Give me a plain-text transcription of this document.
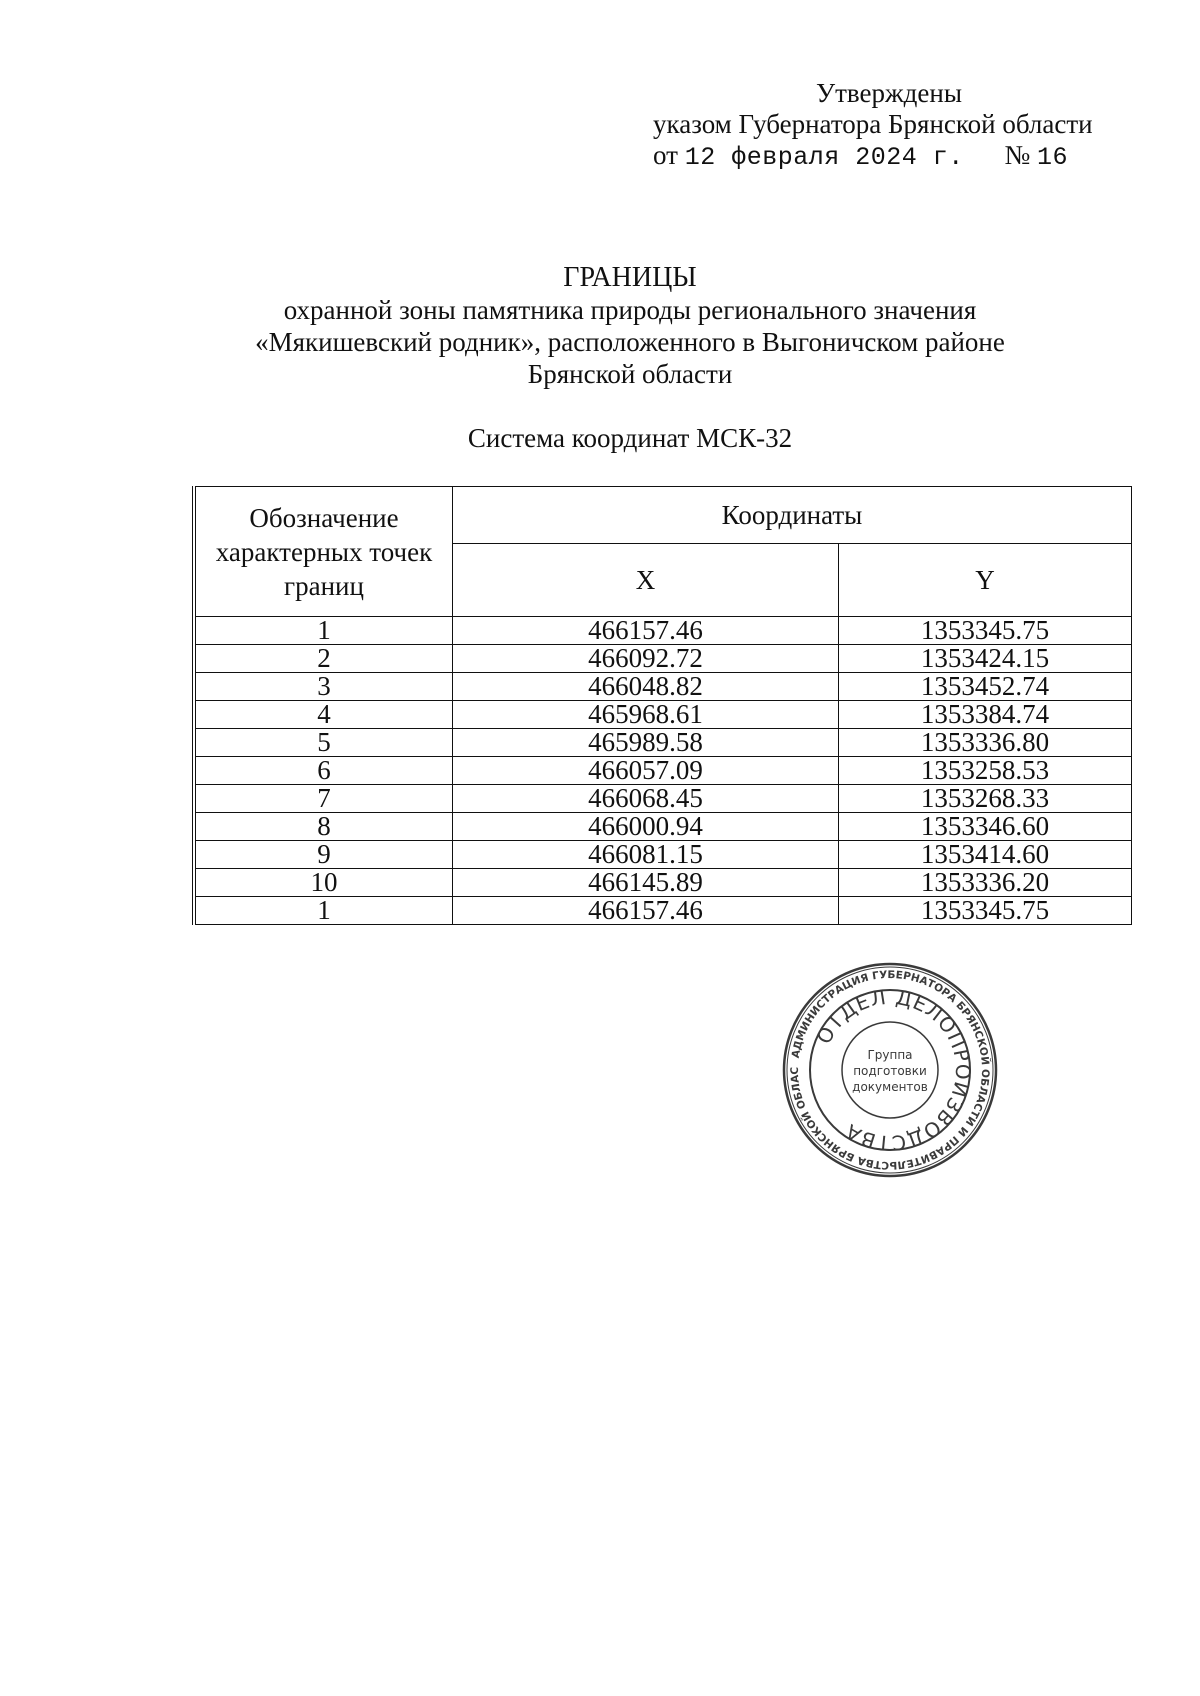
Утверждены
указом Губернатора Брянской области
от 12 февраля 2024 г. № 16
ГРАНИЦЫ
охранной зоны памятника природы регионального значения
«Мякишевский родник», расположенного в Выгоничском районе
Брянской области
Система координат МСК-32
Обозначение характерных точек границ	Координаты	
	X	Y
1	466157.46	1353345.75
2	466092.72	1353424.15
3	466048.82	1353452.74
4	465968.61	1353384.74
5	465989.58	1353336.80
6	466057.09	1353258.53
7	466068.45	1353268.33
8	466000.94	1353346.60
9	466081.15	1353414.60
10	466145.89	1353336.20
1	466157.46	1353345.75
АДМИНИСТРАЦИЯ ГУБЕРНАТОРА БРЯНСКОЙ ОБЛАСТИ И ПРАВИТЕЛЬСТВА БРЯНСКОЙ ОБЛАС
ОТДЕЛ ДЕЛОПРОИЗВОДСТВА
Группа
подготовки
документов
